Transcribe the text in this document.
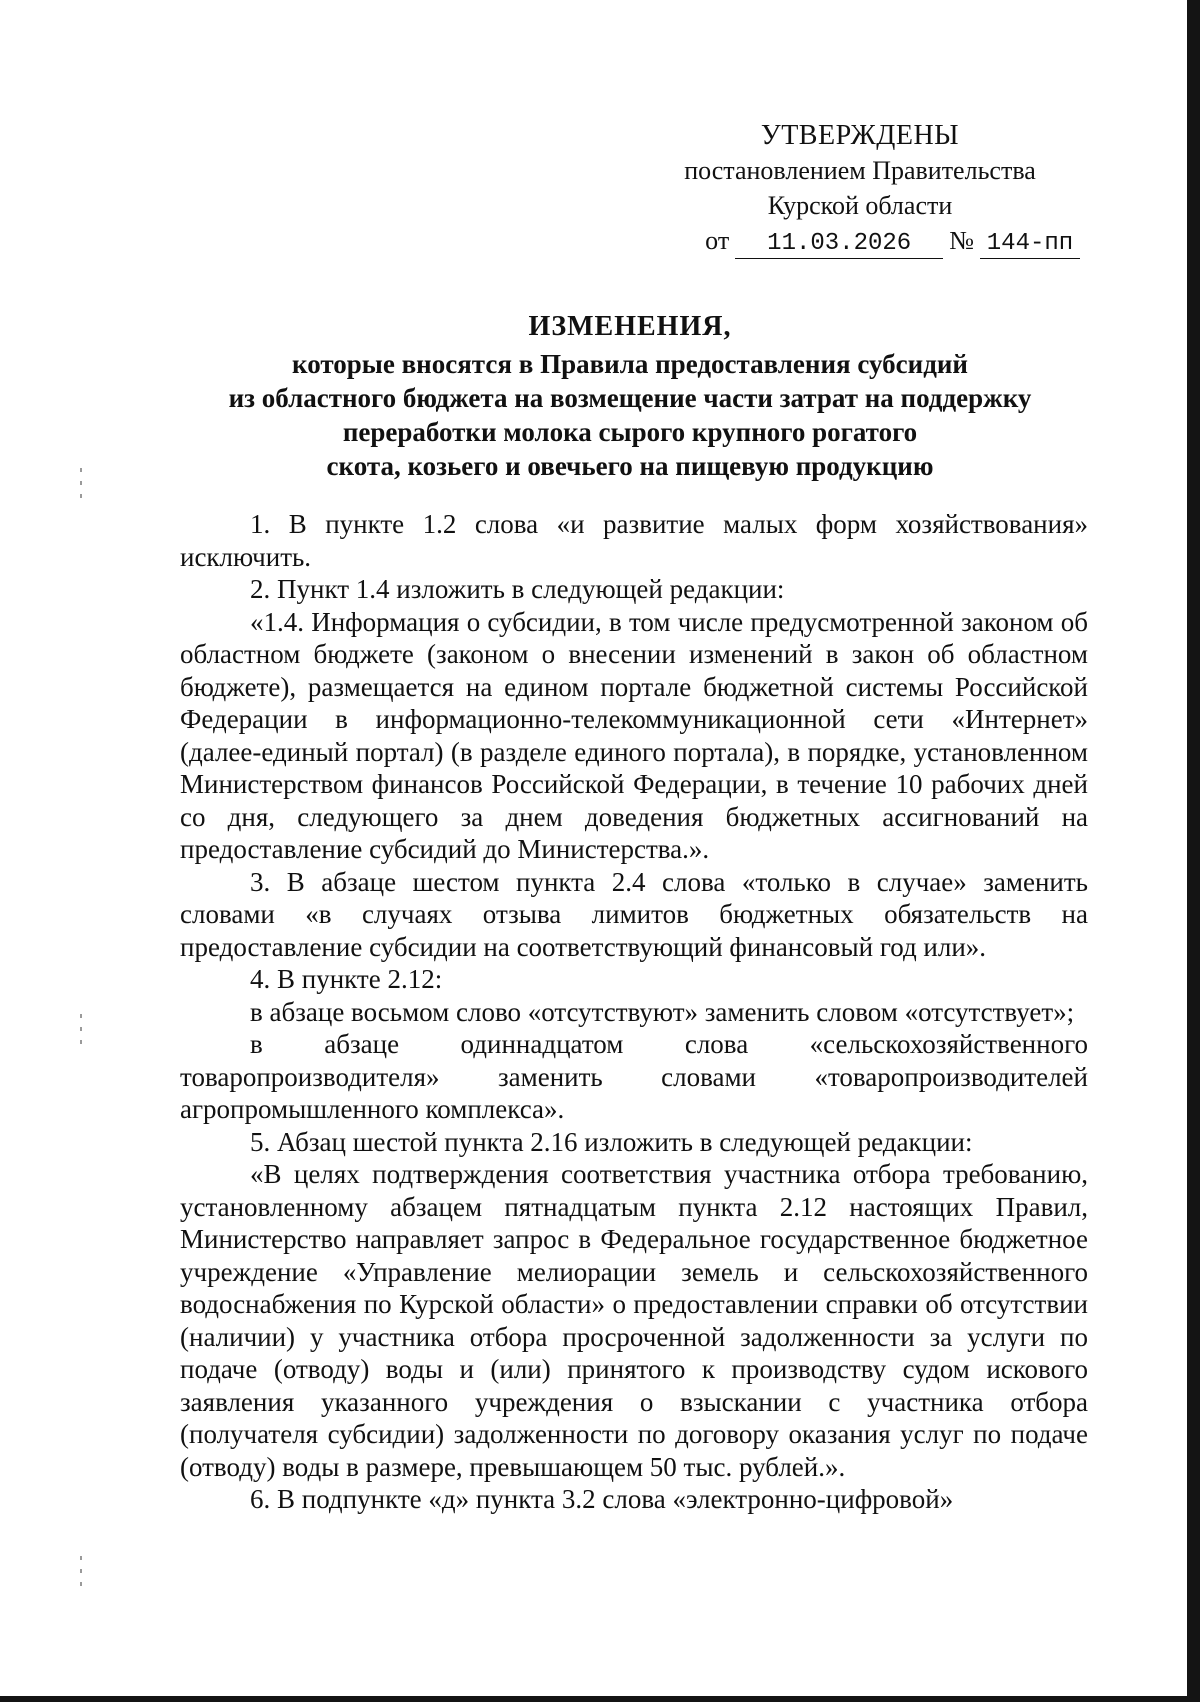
УТВЕРЖДЕНЫ
постановлением Правительства
Курской области
от	11.03.2026	№ 144-пп
ИЗМЕНЕНИЯ,
которые вносятся в Правила предоставления субсидий
из областного бюджета на возмещение части затрат на поддержку
переработки молока сырого крупного рогатого
скота, козьего и овечьего на пищевую продукцию

1. В пункте 1.2 слова «и развитие малых форм хозяйствования» исключить.

2. Пункт 1.4 изложить в следующей редакции:

«1.4. Информация о субсидии, в том числе предусмотренной законом об областном бюджете (законом о внесении изменений в закон об областном бюджете), размещается на едином портале бюджетной системы Российской Федерации в информационно-телекоммуникационной сети «Интернет» (далее-единый портал) (в разделе единого портала), в порядке, установленном Министерством финансов Российской Федерации, в течение 10 рабочих дней со дня, следующего за днем доведения бюджетных ассигнований на предоставление субсидий до Министерства.».

3. В абзаце шестом пункта 2.4 слова «только в случае» заменить словами «в случаях отзыва лимитов бюджетных обязательств на предоставление субсидии на соответствующий финансовый год или».

4. В пункте 2.12:

в абзаце восьмом слово «отсутствуют» заменить словом «отсутствует»;

в абзаце одиннадцатом слова «сельскохозяйственного товаропроизводителя» заменить словами «товаропроизводителей агропромышленного комплекса».

5. Абзац шестой пункта 2.16 изложить в следующей редакции:

«В целях подтверждения соответствия участника отбора требованию, установленному абзацем пятнадцатым пункта 2.12 настоящих Правил, Министерство направляет запрос в Федеральное государственное бюджетное учреждение «Управление мелиорации земель и сельскохозяйственного водоснабжения по Курской области» о предоставлении справки об отсутствии (наличии) у участника отбора просроченной задолженности за услуги по подаче (отводу) воды и (или) принятого к производству судом искового заявления указанного учреждения о взыскании с участника отбора (получателя субсидии) задолженности по договору оказания услуг по подаче (отводу) воды в размере, превышающем 50 тыс. рублей.».

6. В подпункте «д» пункта 3.2 слова «электронно-цифровой»
